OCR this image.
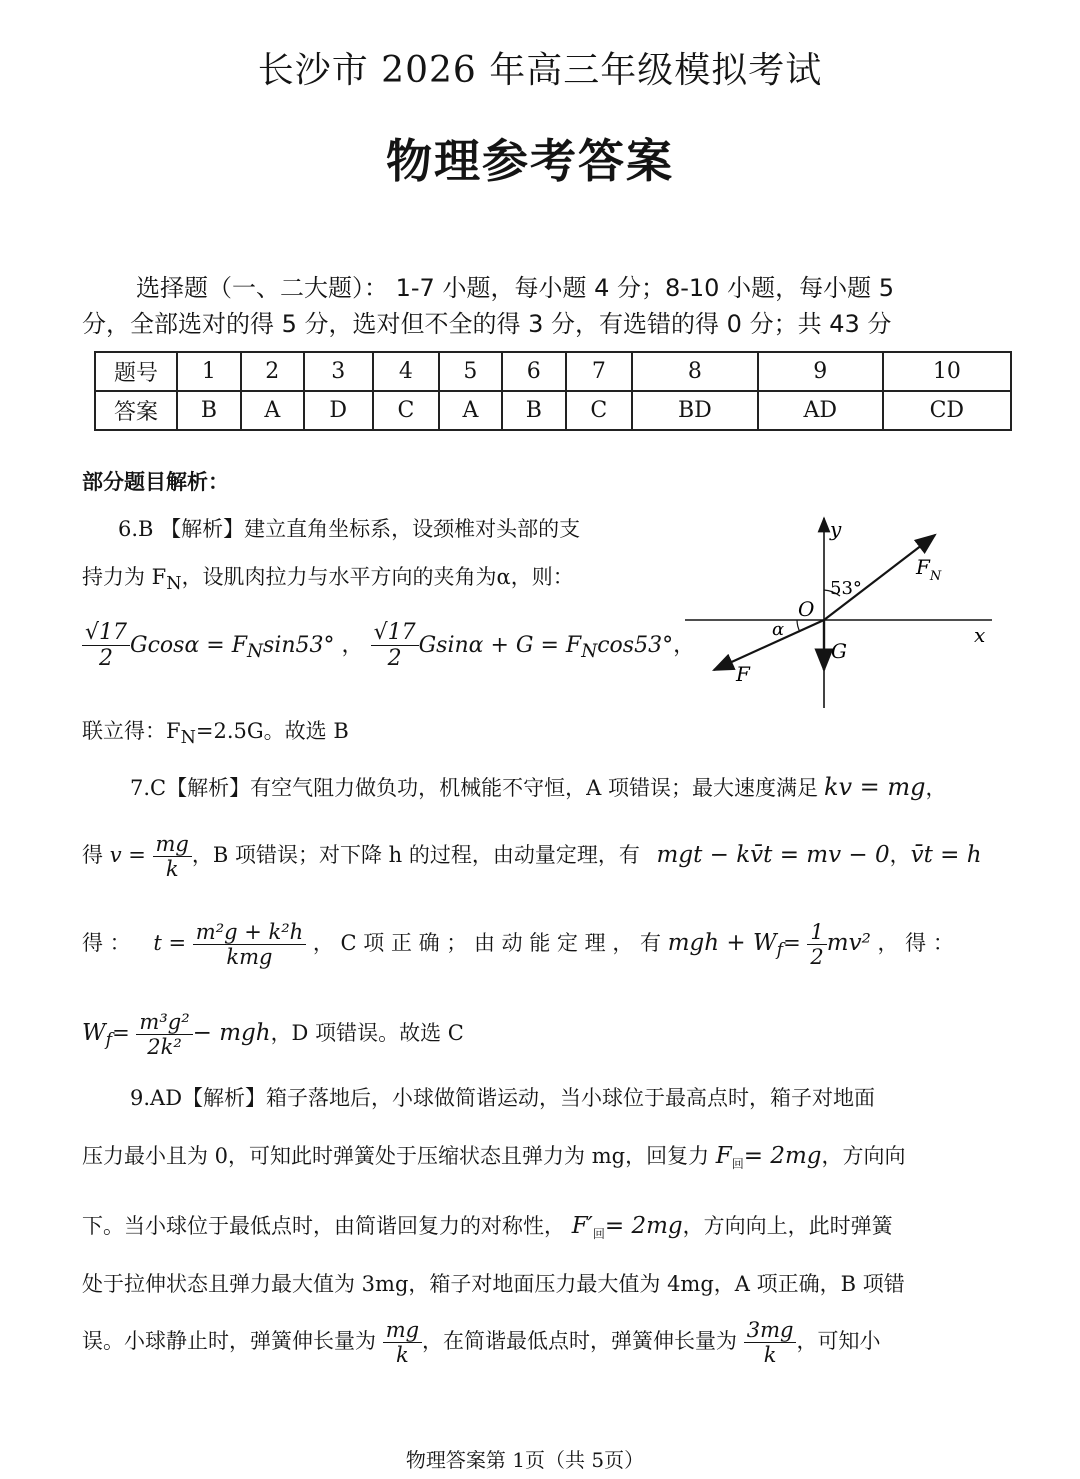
长沙市 2026 年高三年级模拟考试
物理参考答案
选择题（一、二大题）： 1-7 小题，每小题 4 分；8-10 小题，每小题 5
分，全部选对的得 5 分，选对但不全的得 3 分，有选错的得 0 分；共 43 分
题号	1	2	3	4	5	6	7	8	9	10
答案	B	A	D	C	A	B	C	BD	AD	CD
部分题目解析：
6.B 【解析】建立直角坐标系，设颈椎对头部的支
持力为 $F_N$，设肌肉拉力与水平方向的夹角为α，则：
$\frac{√17}{2}$ $Gcos\alpha = F_N\sin 53^\circ$ ， $\frac{√17}{2}$ $Gsin\alpha + G = F_N\cos 53^\circ$，
联立得：$F_N=2.5G$。故选 B
y
x
O
53°
α
$F_N$
G
F
7.C【解析】有空气阻力做负功，机械能不守恒，A 项错误；最大速度满足 kv = mg，
得 $v = \frac{mg}{k}$ ，B 项错误；对下降 h 的过程，由动量定理，有 mgt − kv̄t = mv − 0，v̄t = h
得 ： $t = \frac{\text{m²g + k²h}}{\text{kmg}}$ ， C 项 正 确 ； 由 动 能 定 理 ， 有 mgh + $W_f= \frac{1}{2} mv^2$ ， 得 ：
$W_f= \frac{\text{m³g²}}{\text{2k²}}$ − mgh，D 项错误。故选 C
9.AD【解析】箱子落地后，小球做简谐运动，当小球位于最高点时，箱子对地面
压力最小且为 0，可知此时弹簧处于压缩状态且弹力为 mg，回复力 $F_回= 2mg$，方向向
下。当小球位于最低点时，由简谐回复力的对称性， $F'_回= 2mg$，方向向上，此时弹簧
处于拉伸状态且弹力最大值为 3mg，箱子对地面压力最大值为 4mg，A 项正确，B 项错
误。小球静止时，弹簧伸长量为 $\frac{mg}{k}$ ，在简谐最低点时，弹簧伸长量为 $\frac{3mg}{k}$ ，可知小
物理答案第 1页（共 5页）
